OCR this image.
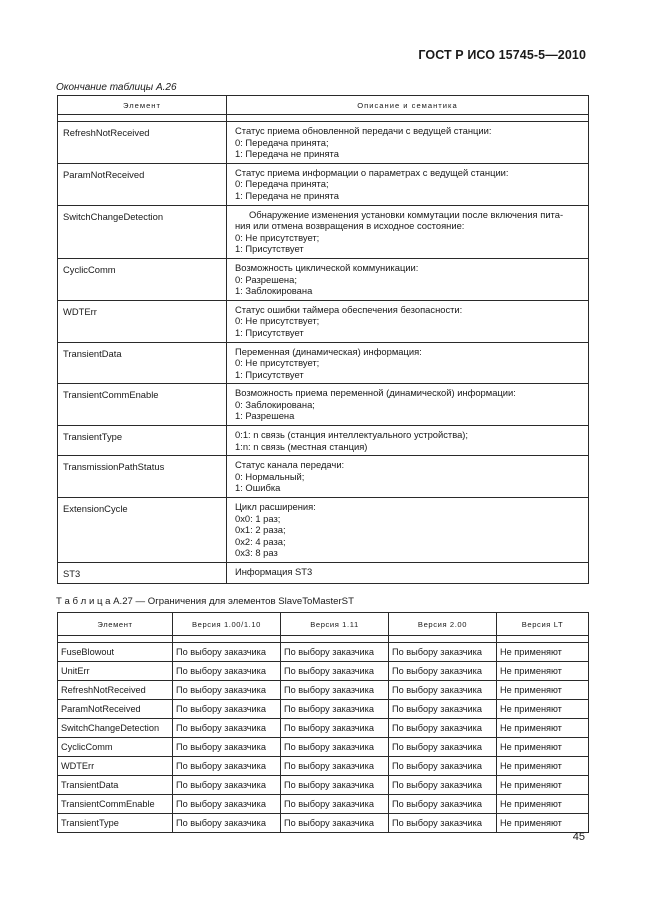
ГОСТ Р ИСО 15745-5—2010
Окончание таблицы А.26
Элемент	Описание и семантика

RefreshNotReceived	Статус приема обновленной передачи с ведущей станции:
0: Передача принята;
1: Передача не принята

ParamNotReceived	Статус приема информации о параметрах с ведущей станции:
0: Передача принята;
1: Передача не принята

SwitchChangeDetection	Обнаружение изменения установки коммутации после включения пита-
ния или отмена возвращения в исходное состояние:
0: Не присутствует;
1: Присутствует

CyclicComm	Возможность циклической коммуникации:
0: Разрешена;
1: Заблокирована

WDTErr	Статус ошибки таймера обеспечения безопасности:
0: Не присутствует;
1: Присутствует

TransientData	Переменная (динамическая) информация:
0: Не присутствует;
1: Присутствует

TransientCommEnable	Возможность приема переменной (динамической) информации:
0: Заблокирована;
1: Разрешена

TransientType	0:1: n связь (станция интеллектуального устройства);
1:n: n связь (местная станция)

TransmissionPathStatus	Статус канала передачи:
0: Нормальный;
1: Ошибка

ExtensionCycle	Цикл расширения:
0x0: 1 раз;
0x1: 2 раза;
0x2: 4 раза;
0x3: 8 раз

ST3	Информация ST3
Т а б л и ц а А.27 — Ограничения для элементов SlaveToMasterST
Элемент	Версия 1.00/1.10	Версия 1.11	Версия 2.00	Версия LT

FuseBlowout	По выбору заказчика	По выбору заказчика	По выбору заказчика	Не применяют
UnitErr	По выбору заказчика	По выбору заказчика	По выбору заказчика	Не применяют
RefreshNotReceived	По выбору заказчика	По выбору заказчика	По выбору заказчика	Не применяют
ParamNotReceived	По выбору заказчика	По выбору заказчика	По выбору заказчика	Не применяют
SwitchChangeDetection	По выбору заказчика	По выбору заказчика	По выбору заказчика	Не применяют
CyclicComm	По выбору заказчика	По выбору заказчика	По выбору заказчика	Не применяют
WDTErr	По выбору заказчика	По выбору заказчика	По выбору заказчика	Не применяют
TransientData	По выбору заказчика	По выбору заказчика	По выбору заказчика	Не применяют
TransientCommEnable	По выбору заказчика	По выбору заказчика	По выбору заказчика	Не применяют
TransientType	По выбору заказчика	По выбору заказчика	По выбору заказчика	Не применяют
45
